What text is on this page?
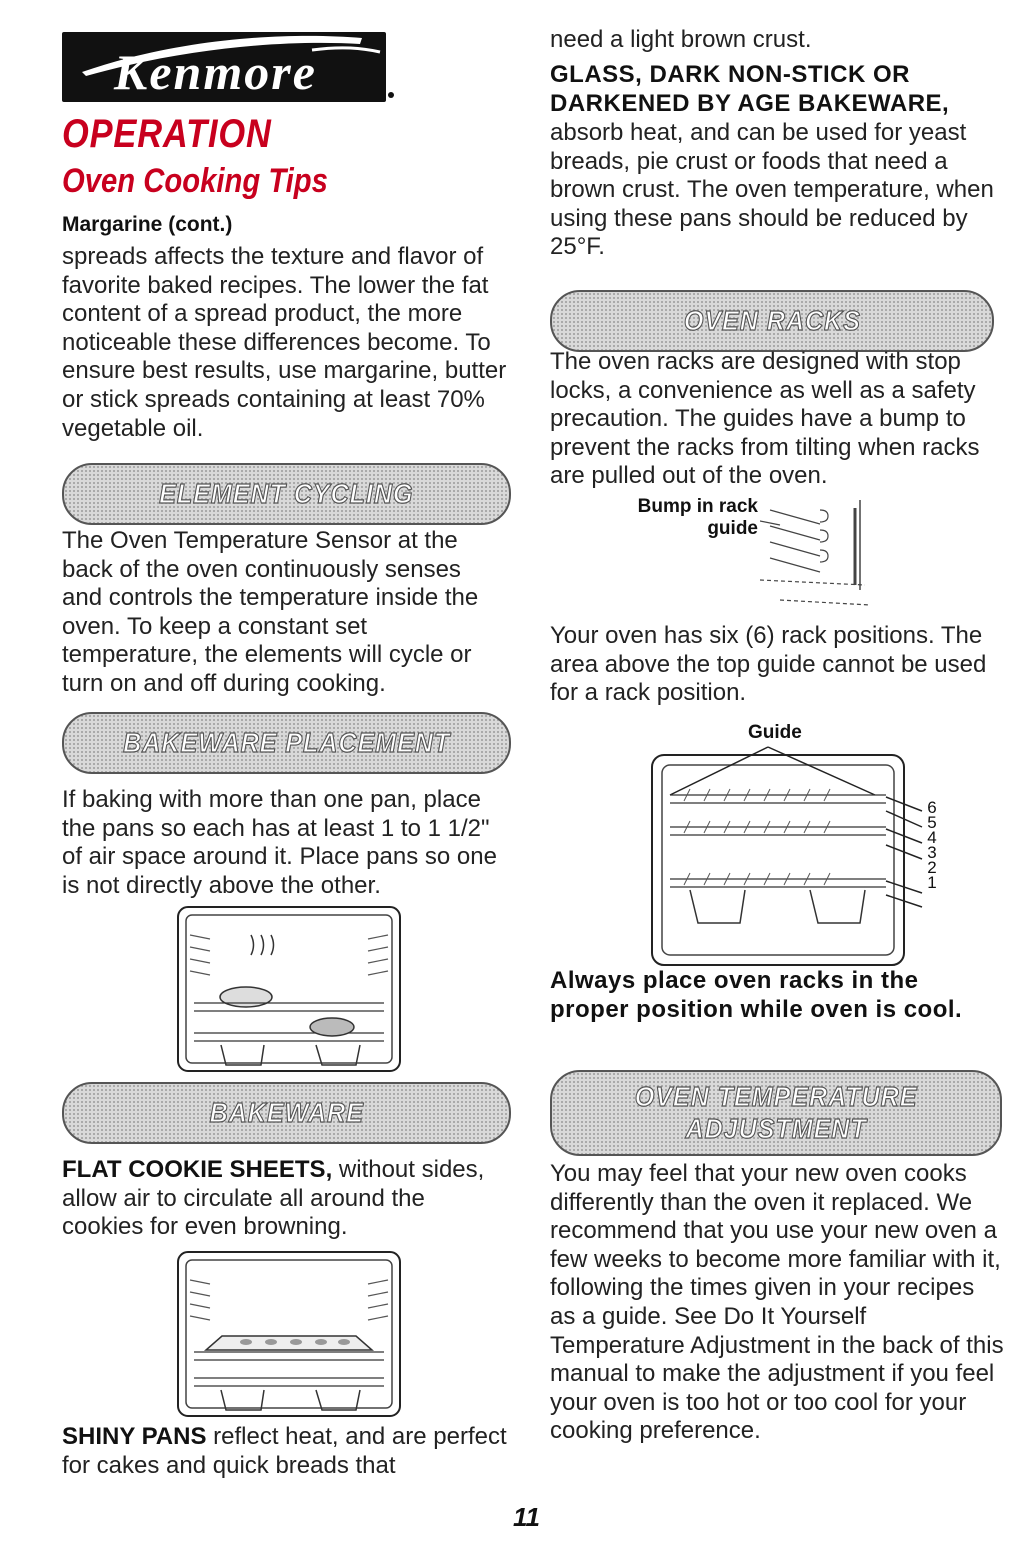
Kenmore
OPERATION
Oven Cooking Tips
Margarine (cont.)

spreads affects the texture and flavor of favorite baked recipes. The lower the fat content of a spread product, the more noticeable these differences become. To ensure best results, use margarine, butter or stick spreads containing at least 70% vegetable oil.

ELEMENT CYCLING

The Oven Temperature Sensor at the back of the oven continuously senses and controls the temperature inside the oven. To keep a constant set temperature, the elements will cycle or turn on and off during cooking.

BAKEWARE PLACEMENT

If baking with more than one pan, place the pans so each has at least 1 to 1 1/2" of air space around it. Place pans so one is not directly above the other.

BAKEWARE

FLAT COOKIE SHEETS, without sides, allow air to circulate all around the cookies for even browning.

SHINY PANS reflect heat, and are perfect for cakes and quick breads that

need a light brown crust.

GLASS, DARK NON-STICK OR DARKENED BY AGE BAKEWARE,

absorb heat, and can be used for yeast breads, pie crust or foods that need a brown crust. The oven temperature, when using these pans should be reduced by 25°F.

OVEN RACKS

The oven racks are designed with stop locks, a convenience as well as a safety precaution. The guides have a bump to prevent the racks from tilting when racks are pulled out of the oven.

Bump in rack guide

Your oven has six (6) rack positions. The area above the top guide cannot be used for a rack position.

Guide
6
5
4
3
2
1

Always place oven racks in the proper position while oven is cool.

OVEN TEMPERATURE
ADJUSTMENT

You may feel that your new oven cooks differently than the oven it replaced. We recommend that you use your new oven a few weeks to become more familiar with it, following the times given in your recipes as a guide. See Do It Yourself Temperature Adjustment in the back of this manual to make the adjustment if you feel your oven is too hot or too cool for your cooking preference.

11
